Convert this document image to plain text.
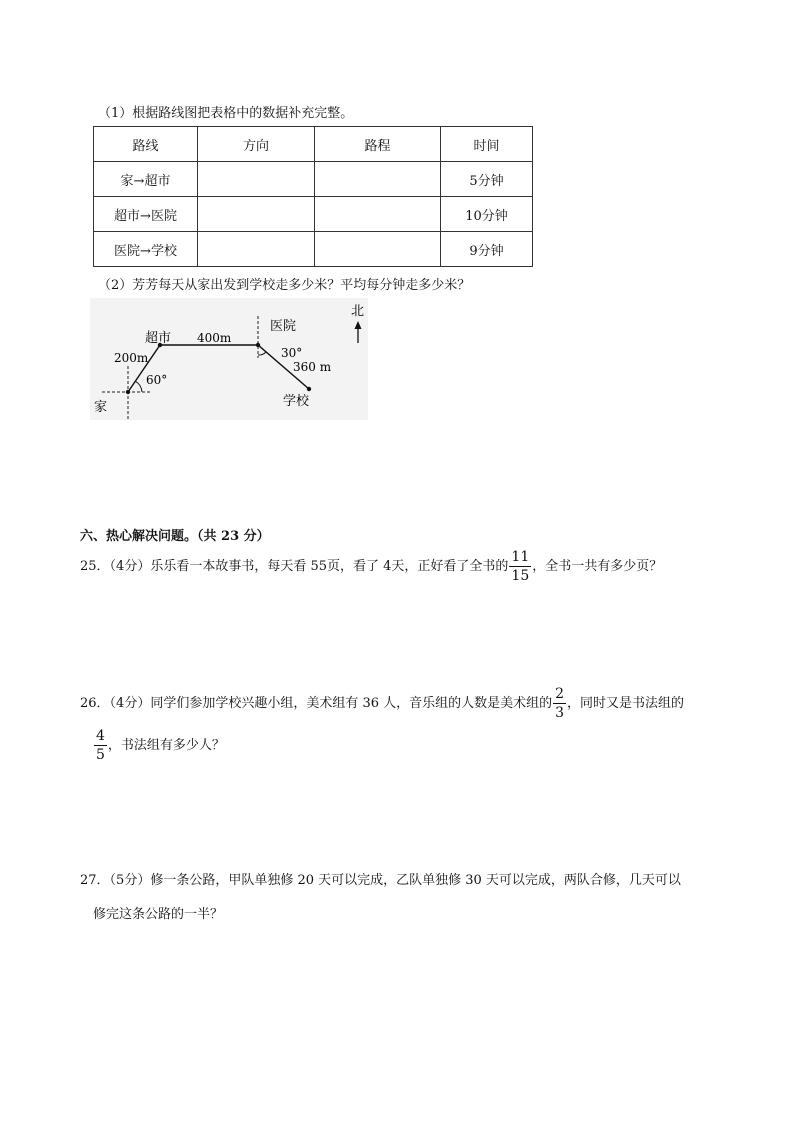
（1）根据路线图把表格中的数据补充完整。
路线	方向	路程	时间
家→超市			5分钟
超市→医院			10分钟
医院→学校			9分钟
（2）芳芳每天从家出发到学校走多少米？平均每分钟走多少米？
北
超市 400m
医院
200m
60°
30°
360 m
家	学校
六、热心解决问题。（共 23 分）
25．（4分）乐乐看一本故事书，每天看 55页，看了 4天，正好看了全书的 $\frac{11}{15}$ ，全书一共有多少页？
26．（4分）同学们参加学校兴趣小组，美术组有 36 人，音乐组的人数是美术组的 $\frac{2}{3}$ ，同时又是书法组的
$\frac{4}{5}$ ，书法组有多少人？
27．（5分）修一条公路，甲队单独修 20 天可以完成，乙队单独修 30 天可以完成，两队合修，几天可以
修完这条公路的一半？
